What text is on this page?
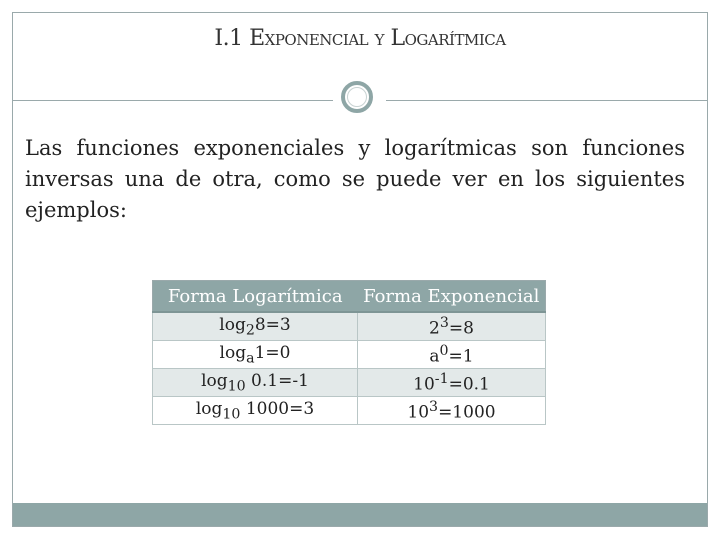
I.1 Exponencial y Logarítmica
Las funciones exponenciales y logarítmicas son funciones inversas una de otra, como se puede ver en los siguientes ejemplos:
Forma Logarítmica	Forma Exponencial
$\log_28=3$	$2^3=8$
$\log_a1=0$	$a^0=1$
$\log_{10} 0.1=-1$	$10^{-1}=0.1$
$\log_{10} 1000=3$	$10^3=1000$
